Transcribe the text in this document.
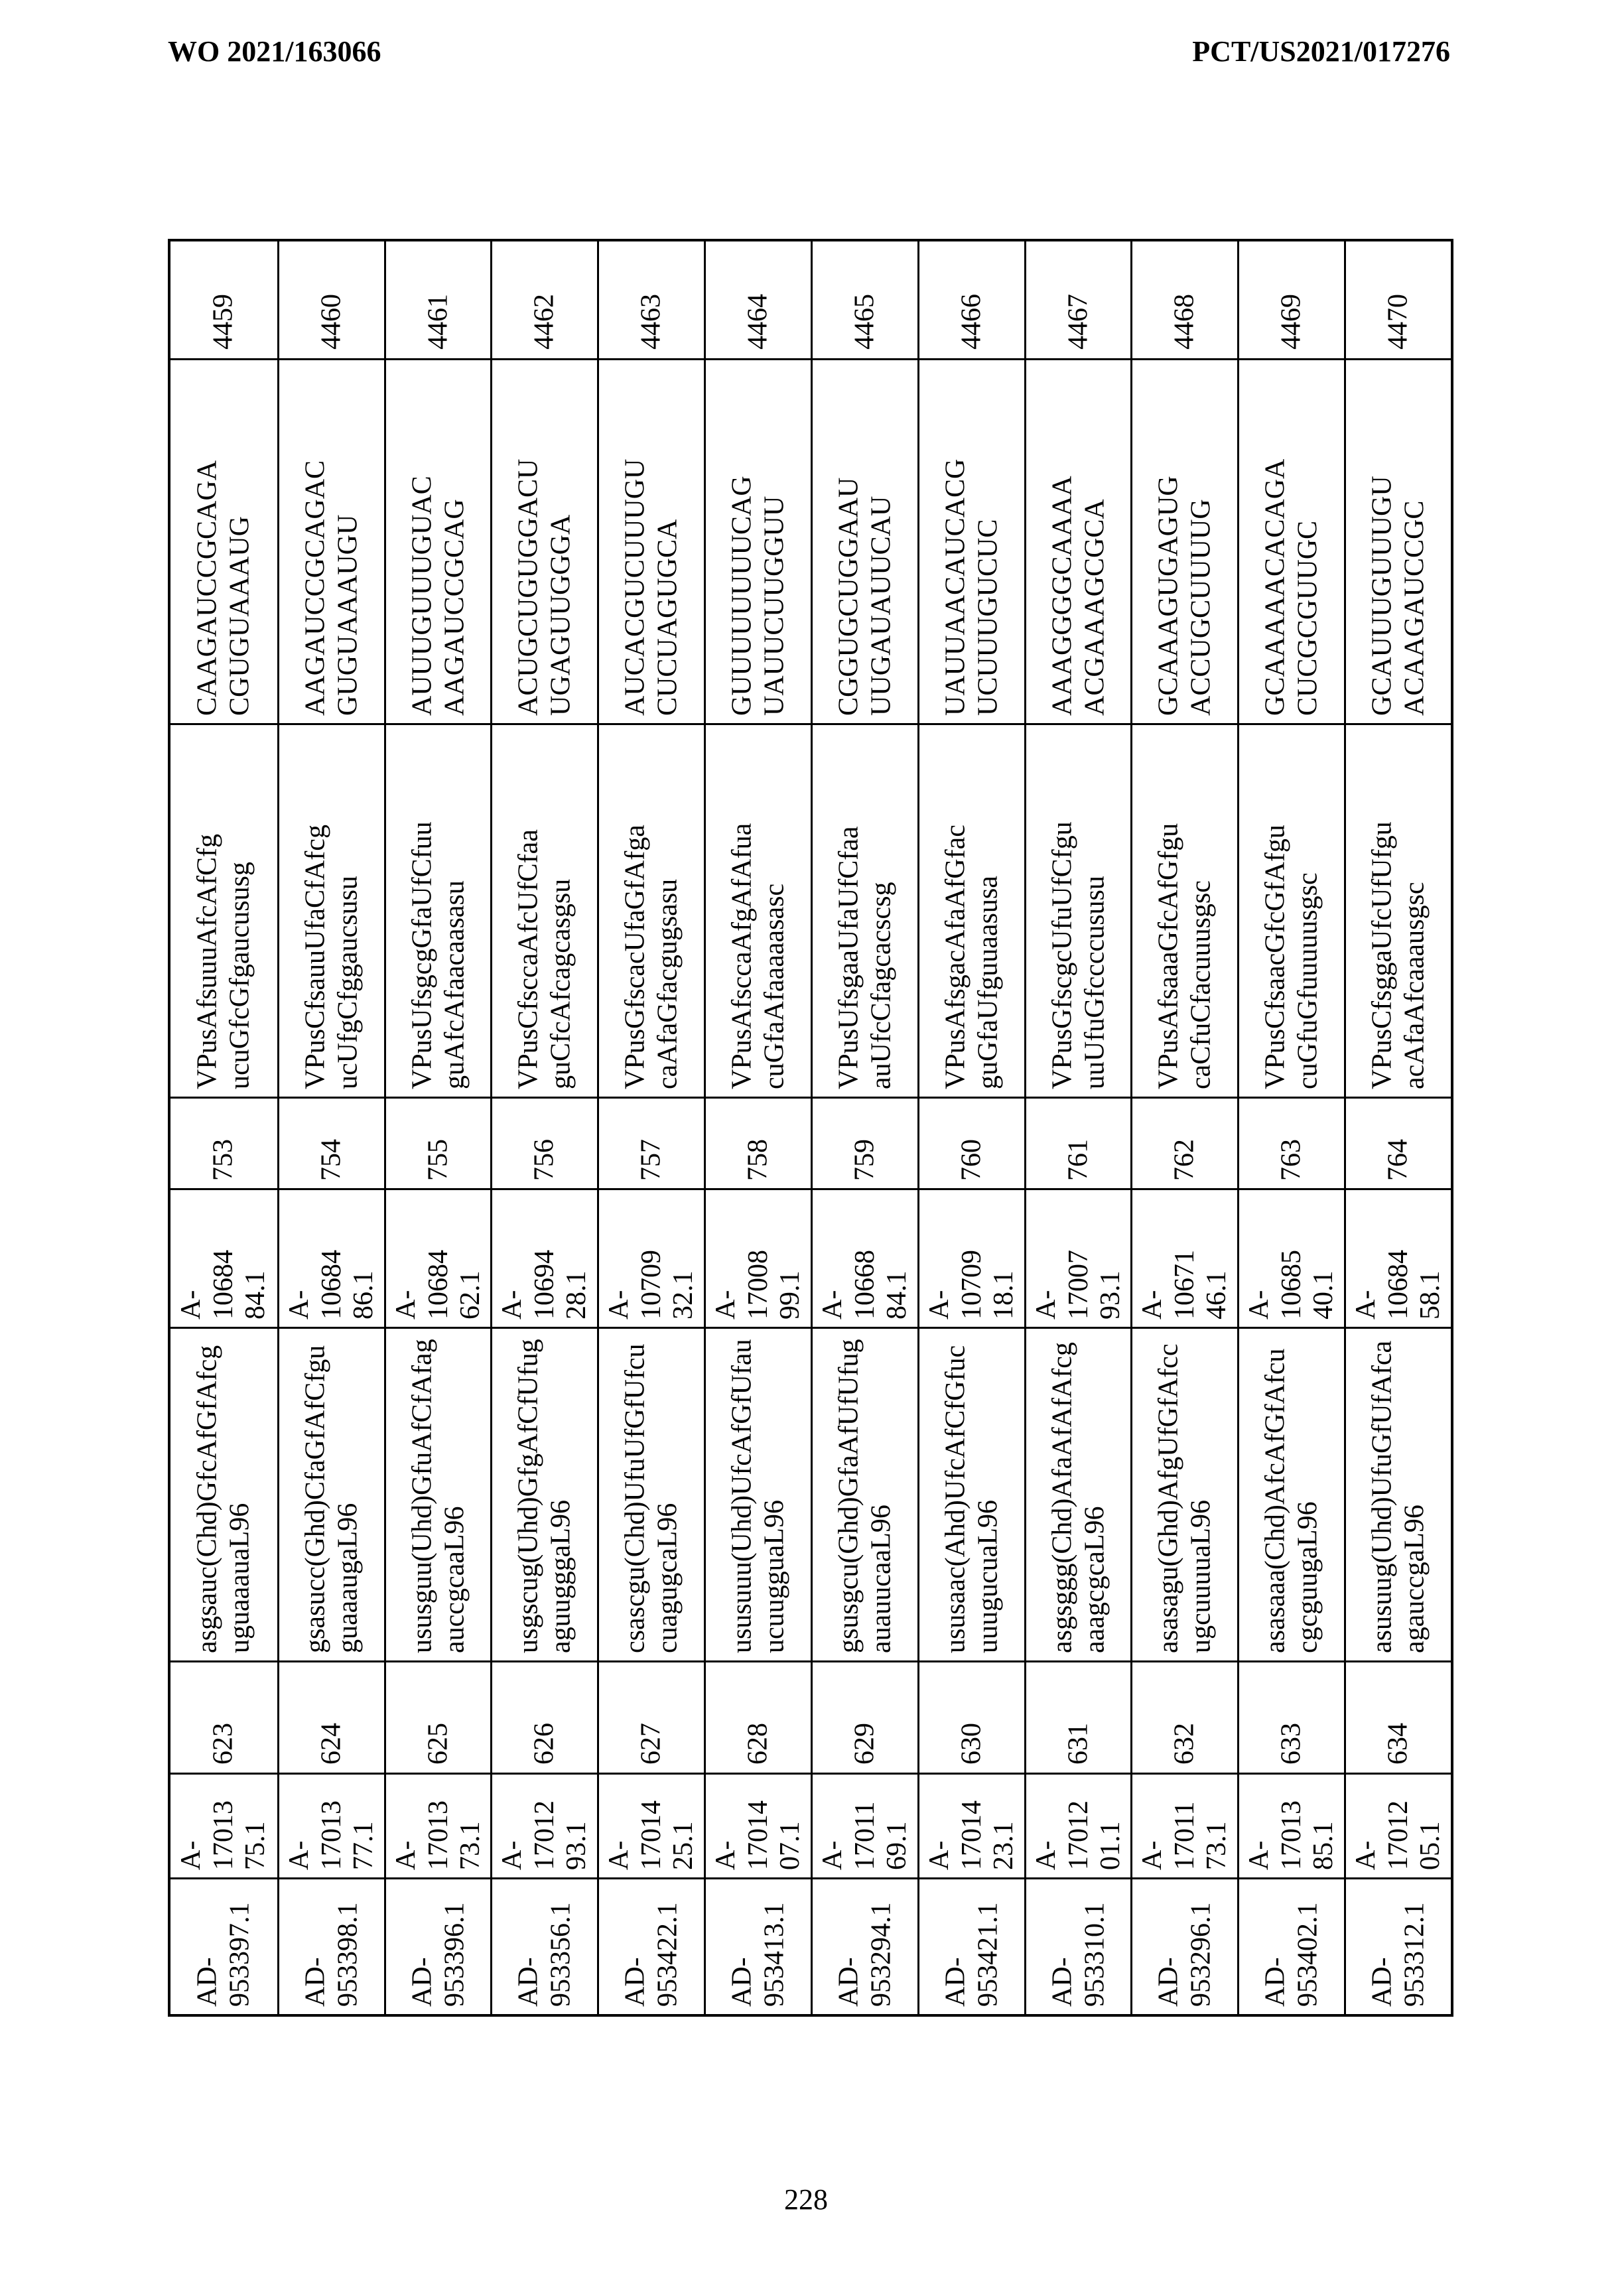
WO 2021/163066	PCT/US2021/017276
4459
CAAGAUCCGCAGA CGUGUAAAUG
VPusAfsuuuAfcAfCfg ucuGfcGfgaucususg
753
A- 10684 84.1
asgsauc(Chd)GfcAfGfAfcg uguaaauaL96
623
A- 17013 75.1
AD- 953397.1
4460
AAGAUCCGCAGAC GUGUAAAUGU
VPusCfsauuUfaCfAfcg ucUfgCfggaucsusu
754
A- 10684 86.1
gsasucc(Ghd)CfaGfAfCfgu guaaaugaL96
624
A- 17013 77.1
AD- 953398.1
4461
AUUUGUUUGUAC AAGAUCCGCAG
VPusUfsgcgGfaUfCfuu guAfcAfaacaasasu
755
A- 10684 62.1
ususguu(Uhd)GfuAfCfAfag auccgcaaL96
625
A- 17013 73.1
AD- 953396.1
4462
ACUGCUGUGGACU UGAGUUGGGA
VPusCfsccaAfcUfCfaa guCfcAfcagcasgsu
756
A- 10694 28.1
usgscug(Uhd)GfgAfCfUfug aguugggaL96
626
A- 17012 93.1
AD- 953356.1
4463
AUCACGUCUUUGU CUCUAGUGCA
VPusGfscacUfaGfAfga caAfaGfacgugsasu
757
A- 10709 32.1
csascgu(Chd)UfuUfGfUfcu cuagugcaL96
627
A- 17014 25.1
AD- 953422.1
4464
GUUUUUUUUCAG UAUUCUUGGUU
VPusAfsccaAfgAfAfua cuGfaAfaaaaasasc
758
A- 17008 99.1
ususuuu(Uhd)UfcAfGfUfau ucuugguaL96
628
A- 17014 07.1
AD- 953413.1
4465
CGGUGCUGGAAU UUGAUAUUCAU
VPusUfsgaaUfaUfCfaa auUfcCfagcacscsg
759
A- 10668 84.1
gsusgcu(Ghd)GfaAfUfUfug auauucaaL96
629
A- 17011 69.1
AD- 953294.1
4466
UAUUAACAUCACG UCUUUGUCUC
VPusAfsgacAfaAfGfac guGfaUfguuaasusa
760
A- 10709 18.1
ususaac(Ahd)UfcAfCfGfuc uuugucuaL96
630
A- 17014 23.1
AD- 953421.1
4467
AAAGGGGCAAAA ACGAAAGCGCA
VPusGfscgcUfuUfCfgu uuUfuGfccccususu
761
A- 17007 93.1
asgsggg(Chd)AfaAfAfAfcg aaagcgcaL96
631
A- 17012 01.1
AD- 953310.1
4468
GCAAAGUGAGUG ACCUGCUUUUG
VPusAfsaaaGfcAfGfgu caCfuCfacuuusgsc
762
A- 10671 46.1
asasagu(Ghd)AfgUfGfAfcc ugcuuuuaL96
632
A- 17011 73.1
AD- 953296.1
4469
GCAAAAACACAGA CUCGCGUUGC
VPusCfsaacGfcGfAfgu cuGfuGfuuuuusgsc
763
A- 10685 40.1
asasaaa(Chd)AfcAfGfAfcu cgcguugaL96
633
A- 17013 85.1
AD- 953402.1
4470
GCAUUUGUUUGU ACAAGAUCCGC
VPusCfsggaUfcUfUfgu acAfaAfcaaausgsc
764
A- 10684 58.1
asusuug(Uhd)UfuGfUfAfca agauccgaL96
634
A- 17012 05.1
AD- 953312.1
228
